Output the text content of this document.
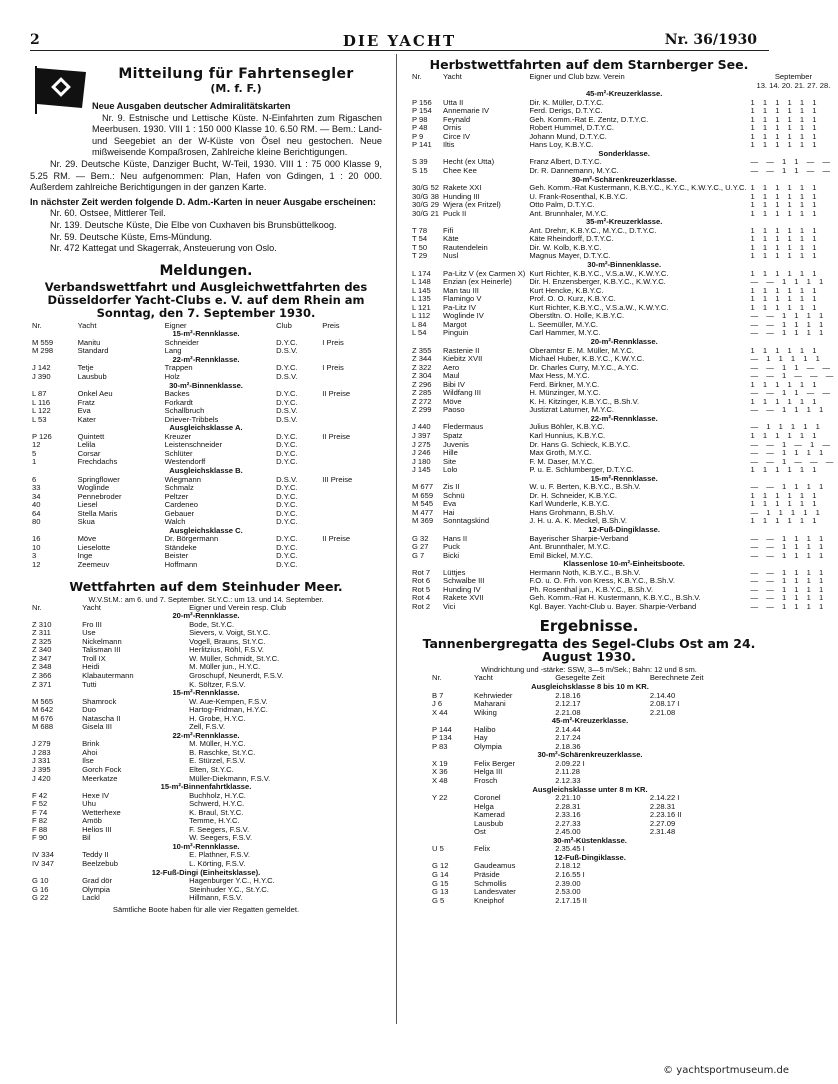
2	DIE YACHT	Nr. 36/1930
Mitteilung für Fahrtensegler
(M. f. F.)

Neue Ausgaben deutscher Admiralitätskarten

Nr. 9. Estnische und Lettische Küste. N-Einfahrten zum Rigaschen Meerbusen. 1930. VIII 1 : 150 000 Klasse 10. 6.50 RM. — Bem.: Land- und Seegebiet an der W-Küste von Ösel neu gestochen. Neue mißweisende Kompaßrosen, Zahlreiche kleine Berichtigungen.

Nr. 29. Deutsche Küste, Danziger Bucht, W-Teil, 1930. VIII 1 : 75 000 Klasse 9, 5.25 RM. — Bem.: Neu aufgenommen: Plan, Hafen von Gdingen, 1 : 20 000. Außerdem zahlreiche Berichtigungen in der ganzen Karte.

In nächster Zeit werden folgende D. Adm.-Karten in neuer Ausgabe erscheinen:

Nr. 60. Ostsee, Mittlerer Teil.

Nr. 139. Deutsche Küste, Die Elbe von Cuxhaven bis Brunsbüttelkoog.

Nr. 59. Deutsche Küste, Ems-Mündung.

Nr. 472 Kattegat und Skagerrak, Ansteuerung von Oslo.

Meldungen.
Verbandswettfahrt und Ausgleichwettfahrten des Düsseldorfer Yacht-Clubs e. V. auf dem Rhein am Sonntag, den 7. September 1930.
Nr.	Yacht	Eigner	Club	Preis
15-m²-Rennklasse.				
M 559	Manitu	Schneider	D.Y.C.	I Preis
M 298	Standard	Lang	D.S.V.	
22-m²-Rennklasse.				
J 142	Tetje	Trappen	D.Y.C.	I Preis
J 390	Lausbub	Holz	D.S.V.	
30-m²-Binnenklasse.				
L 87	Onkel Aeu	Backes	D.Y.C.	II Preise
L 116	Fratz	Forkardt	D.Y.C.	
L 122	Eva	Schallbruch	D.S.V.	
L 53	Kater	Driever-Tribbels	D.S.V.	
Ausgleichsklasse A.				
P 126	Quintett	Kreuzer	D.Y.C.	II Preise
12	Lelila	Leistenschneider	D.Y.C.	
5	Corsar	Schlüter	D.Y.C.	
1	Frechdachs	Westendorff	D.Y.C.	
Ausgleichsklasse B.				
6	Springflower	Wiegmann	D.S.V.	III Preise
33	Woglinde	Schmalz	D.Y.C.	
34	Pennebroder	Peltzer	D.Y.C.	
40	Liesel	Cardeneo	D.Y.C.	
64	Stella Maris	Gebauer	D.Y.C.	
80	Skua	Walch	D.Y.C.	
Ausgleichsklasse C.				
16	Möve	Dr. Börgermann	D.Y.C.	II Preise
10	Lieselotte	Ständeke	D.Y.C.	
3	Inge	Beister	D.Y.C.	
12	Zeemeuv	Hoffmann	D.Y.C.	
Wettfahrten auf dem Steinhuder Meer.
W.V.St.M.: am 6. und 7. September. St.Y.C.: um 13. und 14. September.
Nr.	Yacht	Eigner und Verein resp. Club
20-m²-Rennklasse.		
Z 310	Fro III	Bode, St.Y.C.
Z 311	Use	Sievers, v. Voigt, St.Y.C.
Z 325	Nickelmann	Vogell, Brauns, St.Y.C.
Z 340	Talisman III	Herlitzius, Röhl, F.S.V.
Z 347	Troll IX	W. Müller, Schmidt, St.Y.C.
Z 348	Heidi	M. Müller jun., H.Y.C.
Z 366	Klabautermann	Groschupf, Neunerdt, F.S.V.
Z 371	Tutti	K. Söltzer, F.S.V.
15-m²-Rennklasse.		
M 565	Shamrock	W. Aue-Kempen, F.S.V.
M 642	Duo	Hartog-Fridman, H.Y.C.
M 676	Natascha II	H. Grobe, H.Y.C.
M 688	Gisela III	Zell, F.S.V.
22-m²-Rennklasse.		
J 279	Brink	M. Müller, H.Y.C.
J 283	Ahoi	B. Raschke, St.Y.C.
J 331	Ilse	E. Stürzel, F.S.V.
J 395	Gorch Fock	Elten, St.Y.C.
J 420	Meerkatze	Müller-Diekmann, F.S.V.
15-m²-Binnenfahrtklasse.		
F 42	Hexe IV	Buchholz, H.Y.C.
F 52	Uhu	Schwerd, H.Y.C.
F 74	Wetterhexe	K. Braul, St.Y.C.
F 82	Amöb	Temme, H.Y.C.
F 88	Helios III	F. Seegers, F.S.V.
F 90	Bil	W. Seegers, F.S.V.
10-m²-Rennklasse.		
IV 334	Teddy II	E. Plathner, F.S.V.
IV 347	Beelzebub	L. Körting, F.S.V.
12-Fuß-Dingi (Einheitsklasse).		
G 10	Grad dör	Hagenburger Y.C., H.Y.C.
G 16	Olympia	Steinhuder Y.C., St.Y.C.
G 22	Lackl	Hillmann, F.S.V.
Sämtliche Boote haben für alle vier Regatten gemeldet.
Herbstwettfahrten auf dem Starnberger See.
Nr.	Yacht	Eigner und Club bzw. Verein	September
			13. 14. 20. 21. 27. 28.
45-m²-Kreuzerklasse.			
P 156	Utta II	Dir. K. Müller, D.T.Y.C.	1 1 1 1 1 1
P 154	Annemarie IV	Ferd. Derigs, D.T.Y.C.	1 1 1 1 1 1
P 98	Feynald	Geh. Komm.-Rat E. Zentz, D.T.Y.C.	1 1 1 1 1 1
P 48	Ornis	Robert Hummel, D.T.Y.C.	1 1 1 1 1 1
P 9	Circe IV	Johann Mund, D.T.Y.C.	1 1 1 1 1 1
P 141	Iltis	Hans Loy, K.B.Y.C.	1 1 1 1 1 1
Sonderklasse.			
S 39	Hecht (ex Utta)	Franz Albert, D.T.Y.C.	— — 1 1 — —
S 15	Chee Kee	Dr. R. Dannemann, M.Y.C.	— — 1 1 — —
30-m²-Schärenkreuzerklasse.			
30/G 52	Rakete XXI	Geh. Komm.-Rat Kustermann, K.B.Y.C., K.Y.C., K.W.Y.C., U.Y.C.	1 1 1 1 1 1
30/G 38	Hunding III	U. Frank-Rosenthal, K.B.Y.C.	1 1 1 1 1 1
30/G 29	Wjera (ex Fritzel)	Otto Palm, D.T.Y.C.	1 1 1 1 1 1
30/G 21	Puck II	Ant. Brunnhaler, M.Y.C.	1 1 1 1 1 1
35-m²-Kreuzerklasse.			
T 78	Fifi	Ant. Drehrr, K.B.Y.C., M.Y.C., D.T.Y.C.	1 1 1 1 1 1
T 54	Käte	Käte Rheindorff, D.T.Y.C.	1 1 1 1 1 1
T 50	Rautendelein	Dir. W. Kolb, K.B.Y.C.	1 1 1 1 1 1
T 29	Nusl	Magnus Mayer, D.T.Y.C.	1 1 1 1 1 1
30-m²-Binnenklasse.			
L 174	Pa-Litz V (ex Carmen X)	Kurt Richter, K.B.Y.C., V.S.a.W., K.W.Y.C.	1 1 1 1 1 1
L 148	Enzian (ex Heinerle)	Dir. H. Enzensberger, K.B.Y.C., K.W.Y.C.	— — 1 1 1 1
L 145	Man tau III	Kurt Hencke, K.B.Y.C.	1 1 1 1 1 1
L 135	Flamingo V	Prof. O. O. Kurz, K.B.Y.C.	1 1 1 1 1 1
L 121	Pa-Litz IV	Kurt Richter, K.B.Y.C., V.S.a.W., K.W.Y.C.	1 1 1 1 1 1
L 112	Woglinde IV	Oberstltn. O. Holle, K.B.Y.C.	— — 1 1 1 1
L 84	Margot	L. Seemüller, M.Y.C.	— — 1 1 1 1
L 54	Pinguin	Carl Hammer, M.Y.C.	— — 1 1 1 1
20-m²-Rennklasse.			
Z 355	Rastenie II	Oberamtsr E. M. Müller, M.Y.C.	1 1 1 1 1 1
Z 344	Kiebitz XVII	Michael Huber, K.B.Y.C., K.W.Y.C.	— 1 1 1 1 1
Z 322	Aero	Dr. Charles Curry, M.Y.C., A.Y.C.	— — 1 1 — —
Z 304	Maul	Max Hess, M.Y.C.	— — 1 — — —
Z 296	Bibi IV	Ferd. Birkner, M.Y.C.	1 1 1 1 1 1
Z 285	Wildfang III	H. Münzinger, M.Y.C.	— — 1 1 — —
Z 272	Möve	K. H. Kitzinger, K.B.Y.C., B.Sh.V.	1 1 1 1 1 1
Z 299	Paoso	Justizrat Laturner, M.Y.C.	— — 1 1 1 1
22-m²-Rennklasse.			
J 440	Fledermaus	Julius Böhler, K.B.Y.C.	— 1 1 1 1 1
J 397	Spatz	Karl Hunnius, K.B.Y.C.	1 1 1 1 1 1
J 275	Juvenis	Dr. Hans G. Schieck, K.B.Y.C.	— — 1 — 1 —
J 246	Hille	Max Groth, M.Y.C.	— — 1 1 1 1
J 180	Site	F. M. Daser, M.Y.C.	— — 1 — — —
J 145	Lolo	P. u. E. Schlumberger, D.T.Y.C.	1 1 1 1 1 1
15-m²-Rennklasse.			
M 677	Zis II	W. u. F. Berten, K.B.Y.C., B.Sh.V.	— — 1 1 1 1
M 659	Schnü	Dr. H. Schneider, K.B.Y.C.	1 1 1 1 1 1
M 545	Eva	Karl Wunderle, K.B.Y.C.	1 1 1 1 1 1
M 477	Hai	Hans Grohmann, B.Sh.V.	— 1 1 1 1 1
M 369	Sonntagskind	J. H. u. A. K. Meckel, B.Sh.V.	1 1 1 1 1 1
12-Fuß-Dingiklasse.			
G 32	Hans II	Bayerischer Sharpie-Verband	— — 1 1 1 1
G 27	Puck	Ant. Brunnthaler, M.Y.C.	— — 1 1 1 1
G 7	Bicki	Emil Bickel, M.Y.C.	— — 1 1 1 1
Klassenlose 10-m²-Einheitsboote.			
Rot 7	Lüttjes	Hermann Noth, K.B.Y.C., B.Sh.V.	— — 1 1 1 1
Rot 6	Schwalbe III	F.O. u. O. Frh. von Kress, K.B.Y.C., B.Sh.V.	— — 1 1 1 1
Rot 5	Hunding IV	Ph. Rosenthal jun., K.B.Y.C., B.Sh.V.	— — 1 1 1 1
Rot 4	Rakete XVII	Geh. Komm.-Rat H. Kustermann, K.B.Y.C., B.Sh.V.	— — 1 1 1 1
Rot 2	Vici	Kgl. Bayer. Yacht-Club u. Bayer. Sharpie-Verband	— — 1 1 1 1
Ergebnisse.
Tannenbergregatta des Segel-Clubs Ost am 24. August 1930.
Windrichtung und -stärke: SSW, 3—5 m/Sek.; Bahn: 12 und 8 sm.
Nr.	Yacht	Gesegelte Zeit	Berechnete Zeit
Ausgleichsklasse 8 bis 10 m KR.			
B 7	Kehrwieder	2.18.16	2.14.40
J 6	Maharani	2.12.17	2.08.17 I
X 44	Wiking	2.21.08	2.21.08
45-m²-Kreuzerklasse.			
P 144	Halibo	2.14.44	
P 134	Hay	2.17.24	
P 83	Olympia	2.18.36	
30-m²-Schärenkreuzerklasse.			
X 19	Felix Berger	2.09.22 I	
X 36	Helga III	2.11.28	
X 48	Frosch	2.12.33	
Ausgleichsklasse unter 8 m KR.			
Y 22	Coronel	2.21.10	2.14.22 I
	Helga	2.28.31	2.28.31
	Kamerad	2.33.16	2.23.16 II
	Lausbub	2.27.33	2.27.09
	Ost	2.45.00	2.31.48
30-m²-Küstenklasse.			
U 5	Felix	2.35.45 I	
12-Fuß-Dingiklasse.			
G 12	Gaudeamus	2.18.12	
G 14	Präside	2.16.55 I	
G 15	Schmollis	2.39.00	
G 13	Landesvater	2.53.00	
G 5	Kneiphof	2.17.15 II	
© yachtsportmuseum.de
